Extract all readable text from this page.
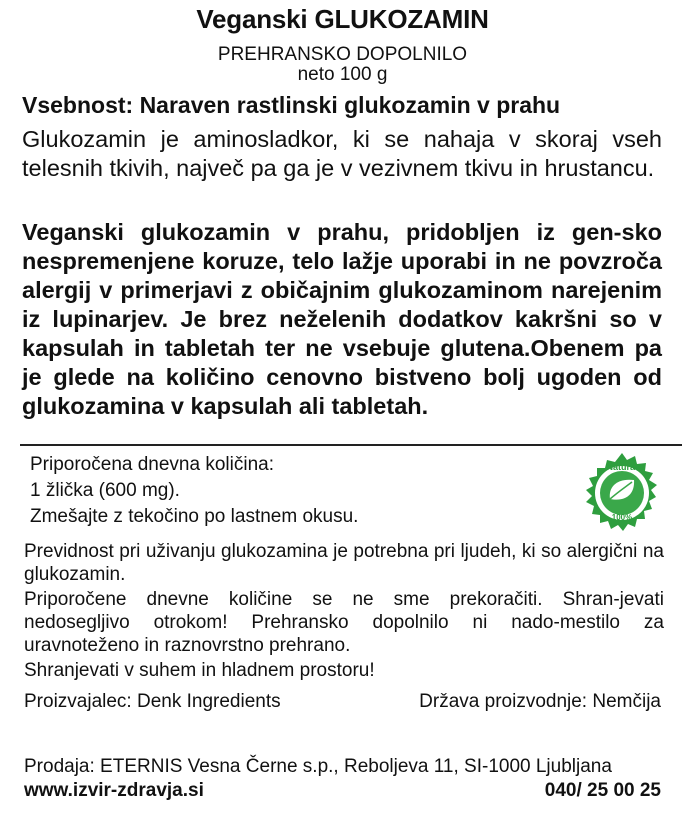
Veganski GLUKOZAMIN
PREHRANSKO DOPOLNILO
neto 100 g
Vsebnost: Naraven rastlinski glukozamin v prahu
Glukozamin je aminosladkor, ki se nahaja v skoraj vseh telesnih tkivih, največ pa ga je v vezivnem tkivu in hrustancu.
Veganski glukozamin v prahu, pridobljen iz gen-sko nespremenjene koruze, telo lažje uporabi in ne povzroča alergij v primerjavi z običajnim glukozaminom narejenim iz lupinarjev. Je brez neželenih dodatkov kakršni so v kapsulah in tabletah ter ne vsebuje glutena.Obenem pa je glede na količino cenovno bistveno bolj ugoden od glukozamina v kapsulah ali tabletah.
Priporočena dnevna količina:
1 žlička (600 mg).
Zmešajte z tekočino po lastnem okusu.
Natural
100%
Previdnost pri uživanju glukozamina je potrebna pri ljudeh, ki so alergični na glukozamin.
Priporočene dnevne količine se ne sme prekoračiti. Shran-jevati nedosegljivo otrokom! Prehransko dopolnilo ni nado-mestilo za uravnoteženo in raznovrstno prehrano.
Shranjevati v suhem in hladnem prostoru!
Proizvajalec: Denk Ingredients	Država proizvodnje: Nemčija
Prodaja: ETERNIS Vesna Černe s.p., Reboljeva 11, SI-1000 Ljubljana
www.izvir-zdravja.si	040/ 25 00 25
